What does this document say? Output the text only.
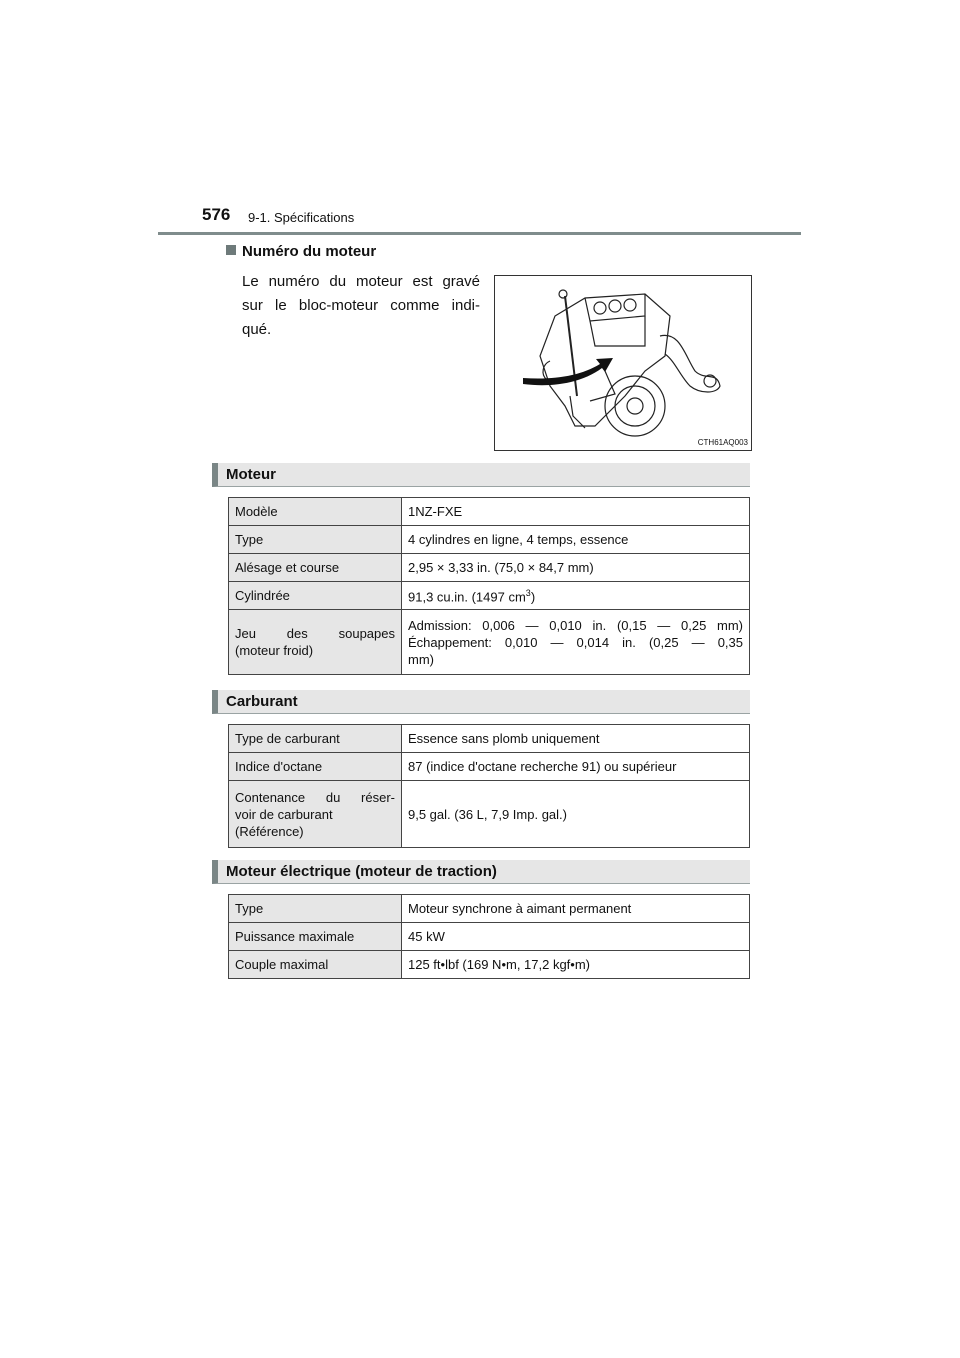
576 9-1. Spécifications
Numéro du moteur
Le numéro du moteur est gravé
sur le bloc-moteur comme indi-
qué.
CTH61AQ003
Moteur
Modèle	1NZ-FXE
Type	4 cylindres en ligne, 4 temps, essence
Alésage et course	2,95 × 3,33 in. (75,0 × 84,7 mm)
Cylindrée	91,3 cu.in. (1497 $cm^3$)

Jeu des soupapes
(moteur froid)	Admission: 0,006 — 0,010 in. (0,15 — 0,25 mm)
Échappement: 0,010 — 0,014 in. (0,25 — 0,35
mm)
Carburant
Type de carburant	Essence sans plomb uniquement
Indice d'octane	87 (indice d'octane recherche 91) ou supérieur

Contenance du réser-
voir de carburant
(Référence)	9,5 gal. (36 L, 7,9 Imp. gal.)
Moteur électrique (moteur de traction)
Type	Moteur synchrone à aimant permanent
Puissance maximale	45 kW
Couple maximal	125 ft•lbf (169 N•m, 17,2 kgf•m)
